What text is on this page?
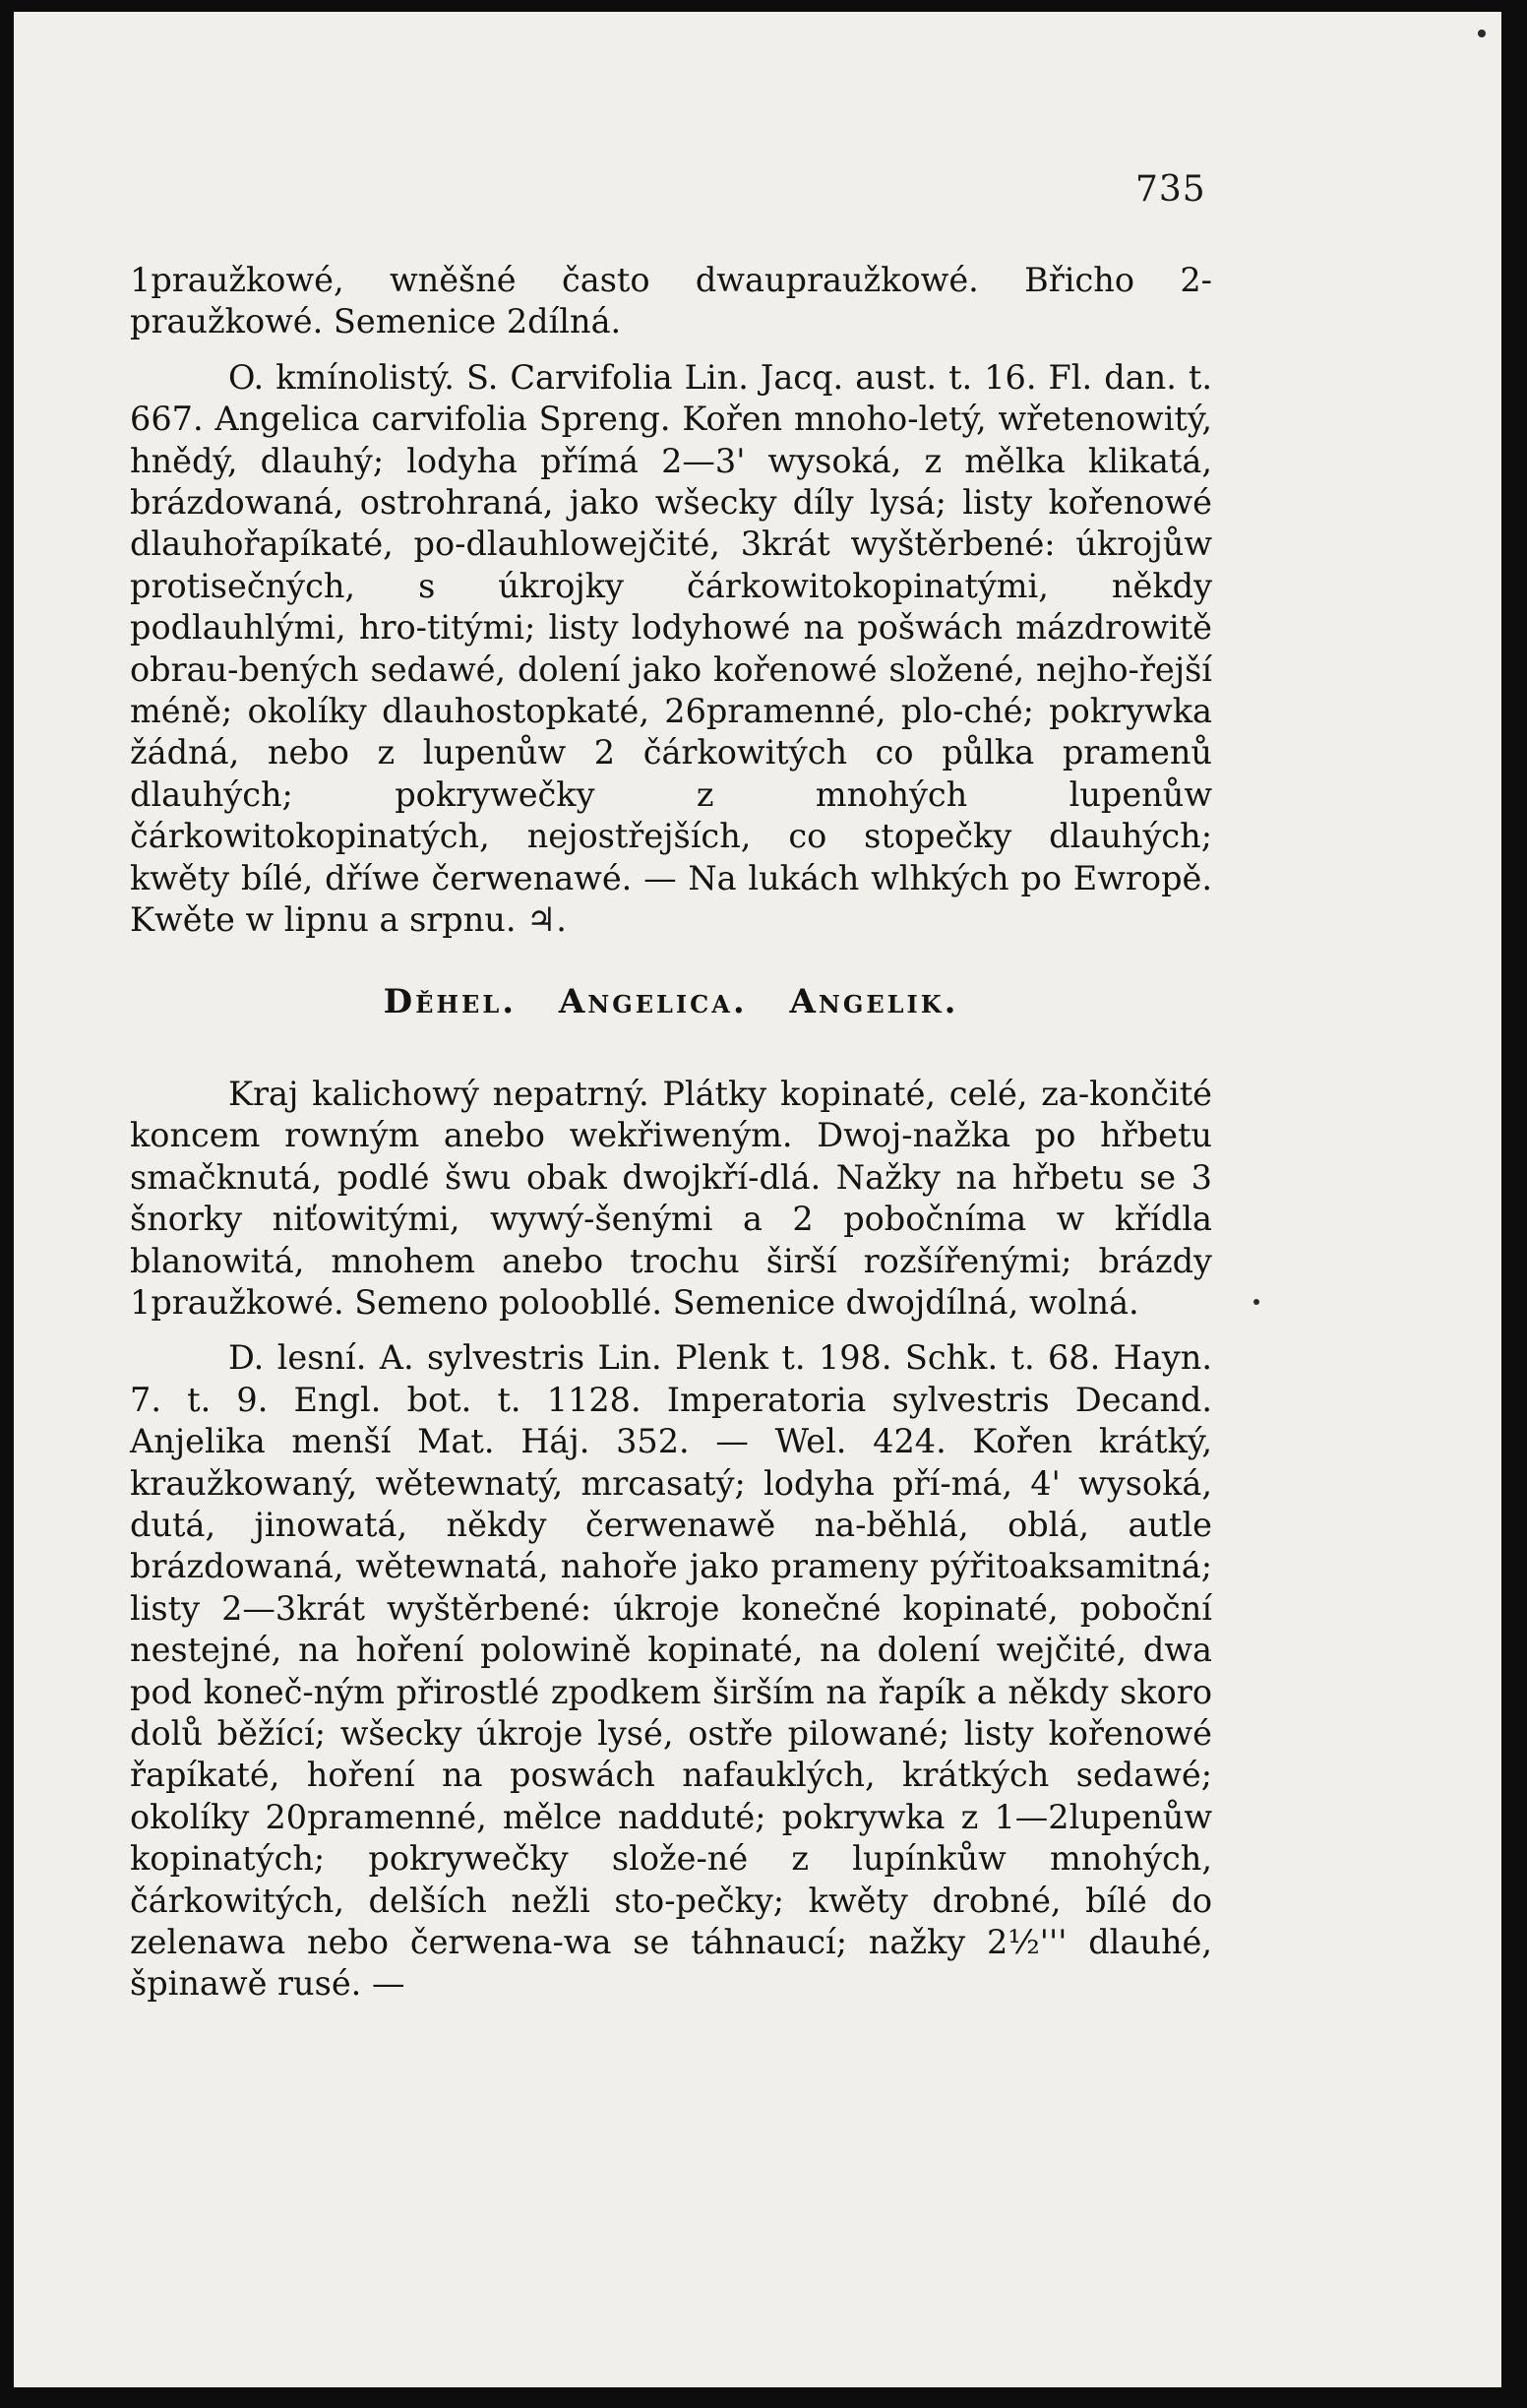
735

1praužkowé, wněšné často dwaupraužkowé. Břicho 2-praužkowé. Semenice 2dílná.

O. kmínolistý. S. Carvifolia Lin. Jacq. aust. t. 16. Fl. dan. t. 667. Angelica carvifolia Spreng. Kořen mnoho-letý, wřetenowitý, hnědý, dlauhý; lodyha přímá 2—3' wysoká, z mělka klikatá, brázdowaná, ostrohraná, jako wšecky díly lysá; listy kořenowé dlauhořapíkaté, po-dlauhlowejčité, 3krát wyštěrbené: úkrojůw protisečných, s úkrojky čárkowitokopinatými, někdy podlauhlými, hro-titými; listy lodyhowé na pošwách mázdrowitě obrau-bených sedawé, dolení jako kořenowé složené, nejho-řejší méně; okolíky dlauhostopkaté, 26pramenné, plo-ché; pokrywka žádná, nebo z lupenůw 2 čárkowitých co půlka pramenů dlauhých; pokrywečky z mnohých lupenůw čárkowitokopinatých, nejostřejších, co stopečky dlauhých; kwěty bílé, dříwe čerwenawé. — Na lukách wlhkých po Ewropě. Kwěte w lipnu a srpnu. ♃.

Děhel. Angelica. Angelik.

Kraj kalichowý nepatrný. Plátky kopinaté, celé, za-končité koncem rowným anebo wekřiweným. Dwoj-nažka po hřbetu smačknutá, podlé šwu obak dwojkří-dlá. Nažky na hřbetu se 3 šnorky niťowitými, wywý-šenými a 2 pobočníma w křídla blanowitá, mnohem anebo trochu širší rozšířenými; brázdy 1praužkowé. Semeno poloobllé. Semenice dwojdílná, wolná.

D. lesní. A. sylvestris Lin. Plenk t. 198. Schk. t. 68. Hayn. 7. t. 9. Engl. bot. t. 1128. Imperatoria sylvestris Decand. Anjelika menší Mat. Háj. 352. — Wel. 424. Kořen krátký, kraužkowaný, wětewnatý, mrcasatý; lodyha pří-má, 4' wysoká, dutá, jinowatá, někdy čerwenawě na-běhlá, oblá, autle brázdowaná, wětewnatá, nahoře jako prameny pýřitoaksamitná; listy 2—3krát wyštěrbené: úkroje konečné kopinaté, poboční nestejné, na hoření polowině kopinaté, na dolení wejčité, dwa pod koneč-ným přirostlé zpodkem širším na řapík a někdy skoro dolů běžící; wšecky úkroje lysé, ostře pilowané; listy kořenowé řapíkaté, hoření na poswách nafauklých, krátkých sedawé; okolíky 20pramenné, mělce nadduté; pokrywka z 1—2lupenůw kopinatých; pokrywečky slože-né z lupínkůw mnohých, čárkowitých, delších nežli sto-pečky; kwěty drobné, bílé do zelenawa nebo čerwena-wa se táhnaucí; nažky 2½''' dlauhé, špinawě rusé. —
